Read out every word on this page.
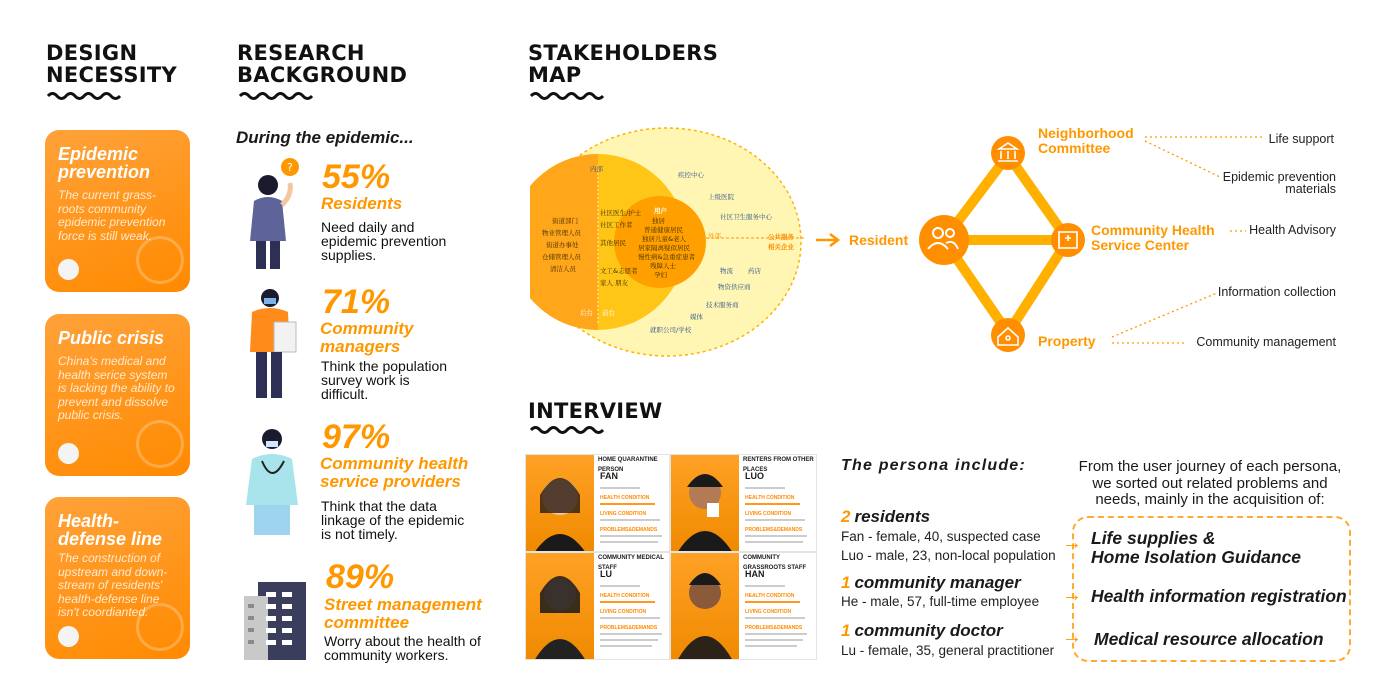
DESIGN
NECESSITY
RESEARCH
BACKGROUND
STAKEHOLDERS
MAP
INTERVIEW
Epidemic prevention
The current grass-roots community epidemic prevention force is still weak.
Public crisis
China's medical and health serice system is lacking the ability to prevent and dissolve public crisis.
Health-defense line
The construction of upstream and down-stream of residents' health-defense line isn't coordianted.
During the epidemic...
? 55%
Residents
Need daily and
epidemic prevention
supplies.
71%
Community
managers
Think the population
survey work is
difficult.
97%
Community health
service providers
Think that the data
linkage of the epidemic
is not timely.
89%
Street management
committee
Worry about the health of
community workers.
内部
用户
独居
普通健康居民
独居儿童&老人
居家隔离疑似居民
慢性病&急重症患者
残障人士
孕妇
街道部门
物业管理人员
街道办事处
仓储管理人员
清洁人员
社区医生/护士
社区工作者
其他居民
文工&志愿者
家人 朋友
疾控中心
上级医院
社区卫生服务中心
物流 药店
物资供应商
技术服务商
媒体
就职公司/学校
公共服务
相关企业
外部
后台 前台
Resident
Neighborhood
Committee
Community Health
Service Center
Property
Life support
Epidemic prevention
materials
Health Advisory
Information collection
Community management
HOME QUARANTINE PERSON
FAN
HEALTH CONDITION
LIVING CONDITION
PROBLEMS&DEMANDS
RENTERS FROM OTHER PLACES
LUO
HEALTH CONDITION
LIVING CONDITION
PROBLEMS&DEMANDS
COMMUNITY MEDICAL STAFF
LU
HEALTH CONDITION
LIVING CONDITION
PROBLEMS&DEMANDS
COMMUNITY GRASSROOTS STAFF
HAN
HEALTH CONDITION
LIVING CONDITION
PROBLEMS&DEMANDS
The persona include:
2 residents
Fan - female, 40, suspected case
Luo - male, 23, non-local population
1 community manager
He - male, 57, full-time employee
1 community doctor
Lu - female, 35, general practitioner
From the user journey of each persona,
we sorted out related problems and
needs, mainly in the acquisition of:
→ Life supplies &
Home Isolation Guidance
→ Health information registration
→ Medical resource allocation
